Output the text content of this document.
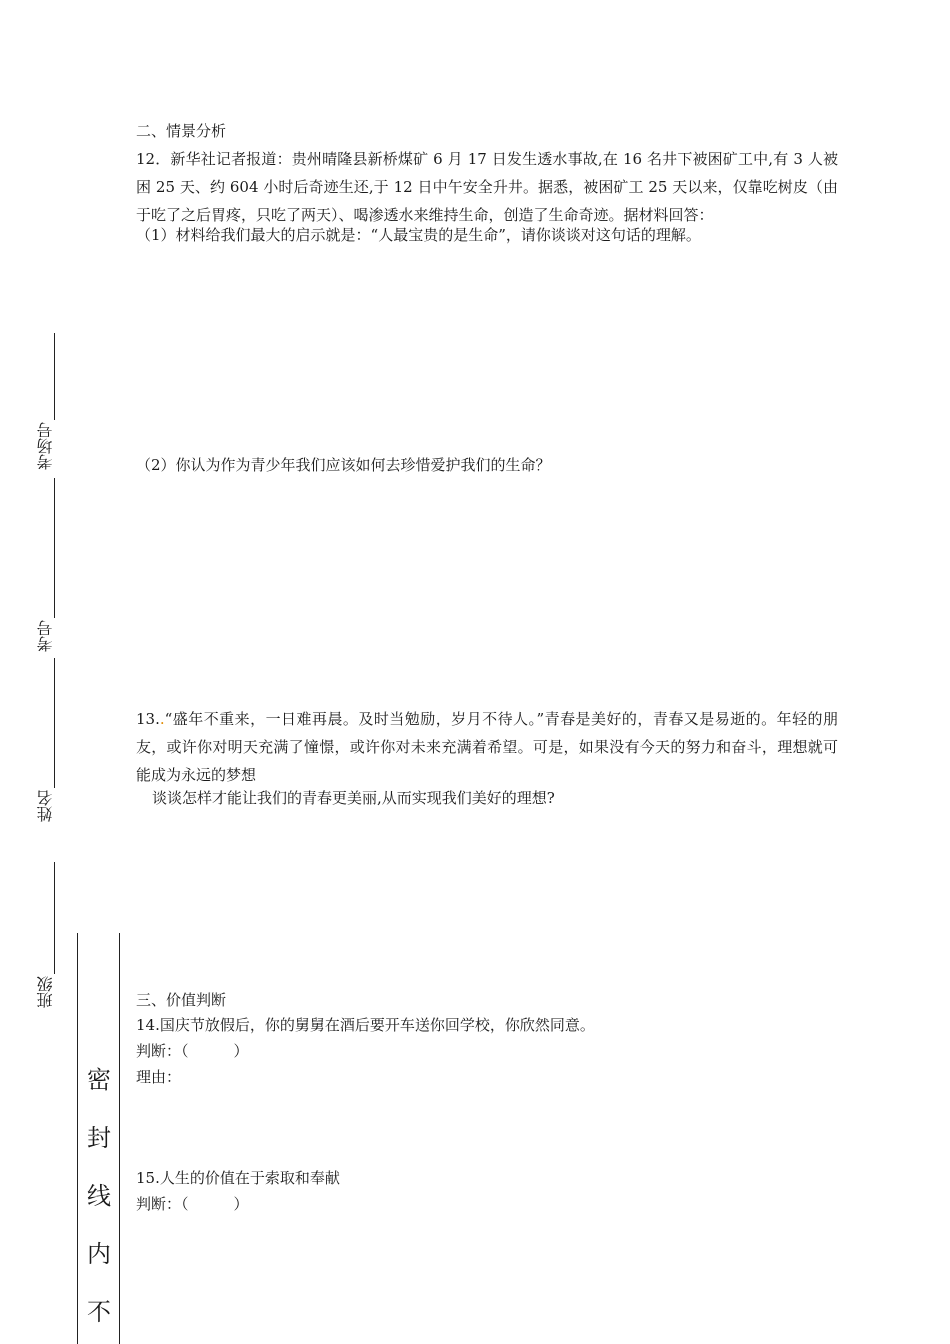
二、情景分析
12．新华社记者报道：贵州晴隆县新桥煤矿 6 月 17 日发生透水事故,在 16 名井下被困矿工中,有 3 人被困 25 天、约 604 小时后奇迹生还,于 12 日中午安全升井。据悉，被困矿工 25 天以来，仅靠吃树皮（由于吃了之后胃疼，只吃了两天）、喝渗透水来维持生命，创造了生命奇迹。据材料回答：
（1）材料给我们最大的启示就是：“人最宝贵的是生命”，请你谈谈对这句话的理解。
（2）你认为作为青少年我们应该如何去珍惜爱护我们的生命？
13..“盛年不重来，一日难再晨。及时当勉励，岁月不待人。”青春是美好的，青春又是易逝的。年轻的朋友，或许你对明天充满了憧憬，或许你对未来充满着希望。可是，如果没有今天的努力和奋斗，理想就可能成为永远的梦想
谈谈怎样才能让我们的青春更美丽,从而实现我们美好的理想?
三、价值判断
14.国庆节放假后，你的舅舅在酒后要开车送你回学校，你欣然同意。
判断：（　　　）
理由：
15.人生的价值在于索取和奉献
判断：（　　　）
考场号
考号
姓名
班级
密
封
线
内
不
